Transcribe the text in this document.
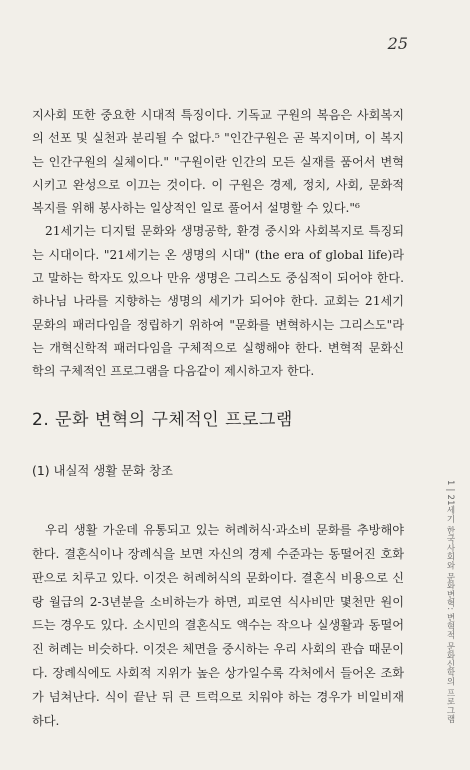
25

지사회 또한 중요한 시대적 특징이다. 기독교 구원의 복음은 사회복지의 선포 및 실천과 분리될 수 없다.⁵ "인간구원은 곧 복지이며, 이 복지는 인간구원의 실체이다." "구원이란 인간의 모든 실재를 품어서 변혁시키고 완성으로 이끄는 것이다. 이 구원은 경제, 정치, 사회, 문화적 복지를 위해 봉사하는 일상적인 일로 풀어서 설명할 수 있다."⁶

21세기는 디지털 문화와 생명공학, 환경 중시와 사회복지로 특징되는 시대이다. "21세기는 온 생명의 시대" (the era of global life)라고 말하는 학자도 있으나 만유 생명은 그리스도 중심적이 되어야 한다. 하나님 나라를 지향하는 생명의 세기가 되어야 한다. 교회는 21세기 문화의 패러다임을 정립하기 위하여 "문화를 변혁하시는 그리스도"라는 개혁신학적 패러다임을 구체적으로 실행해야 한다. 변혁적 문화신학의 구체적인 프로그램을 다음같이 제시하고자 한다.

2. 문화 변혁의 구체적인 프로그램
(1) 내실적 생활 문화 창조

우리 생활 가운데 유통되고 있는 허례허식·과소비 문화를 추방해야 한다. 결혼식이나 장례식을 보면 자신의 경제 수준과는 동떨어진 호화판으로 치루고 있다. 이것은 허례허식의 문화이다. 결혼식 비용으로 신랑 월급의 2-3년분을 소비하는가 하면, 피로연 식사비만 몇천만 원이 드는 경우도 있다. 소시민의 결혼식도 액수는 작으나 실생활과 동떨어진 허례는 비슷하다. 이것은 체면을 중시하는 우리 사회의 관습 때문이다. 장례식에도 사회적 지위가 높은 상가일수록 각처에서 들어온 조화가 넘쳐난다. 식이 끝난 뒤 큰 트럭으로 치워야 하는 경우가 비일비재하다.	1 | 21세기 한국사회와 문화변혁: 변혁적 문화신학의 프로그램
